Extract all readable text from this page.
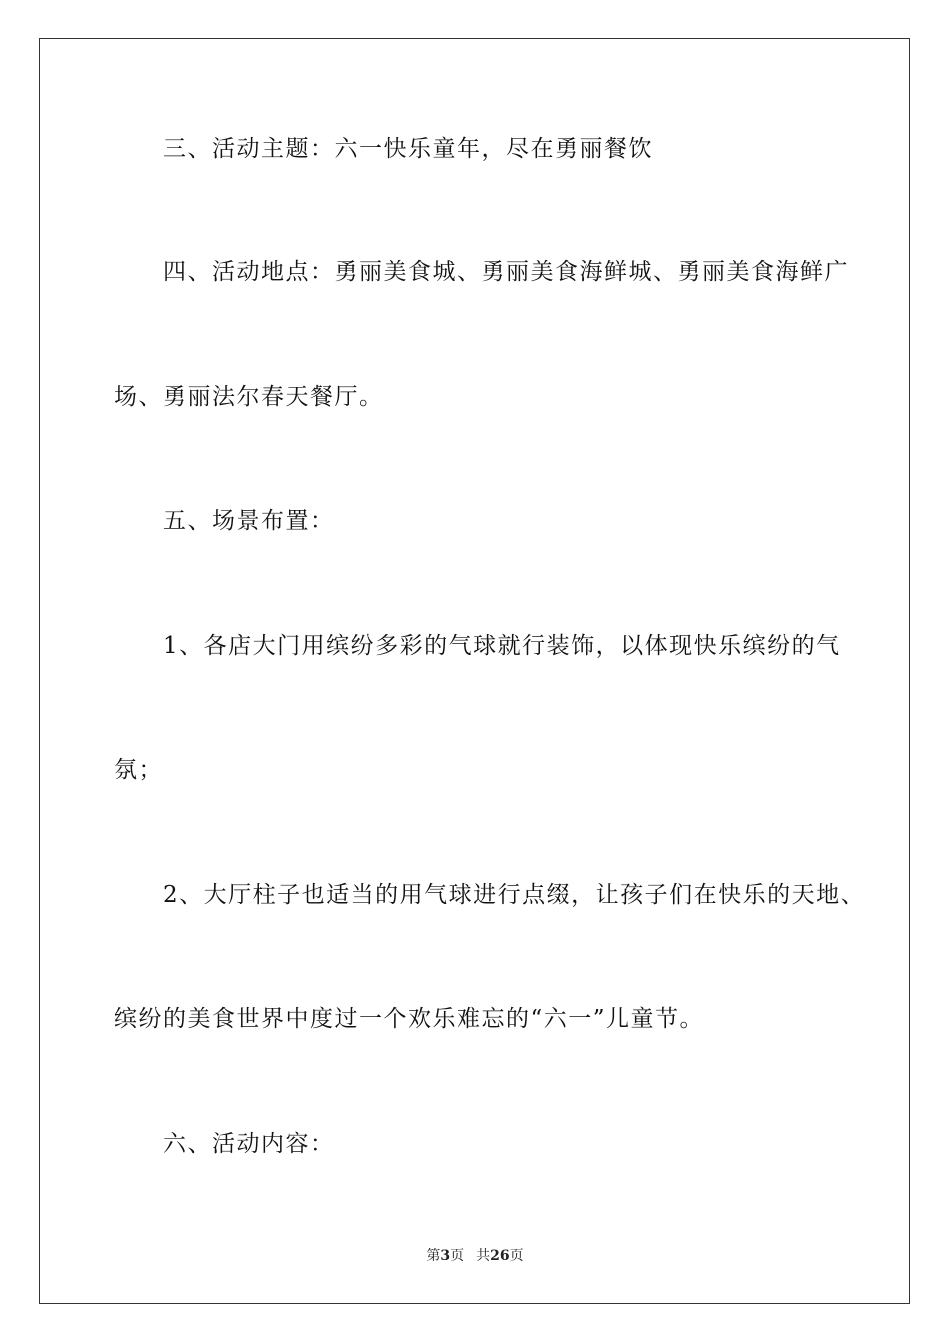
三、活动主题：六一快乐童年，尽在勇丽餐饮
四、活动地点：勇丽美食城、勇丽美食海鲜城、勇丽美食海鲜广
场、勇丽法尔春天餐厅。
五、场景布置：
1、各店大门用缤纷多彩的气球就行装饰，以体现快乐缤纷的气
氛；
2、大厅柱子也适当的用气球进行点缀，让孩子们在快乐的天地、
缤纷的美食世界中度过一个欢乐难忘的“六一”儿童节。
六、活动内容：
第3页 共26页
